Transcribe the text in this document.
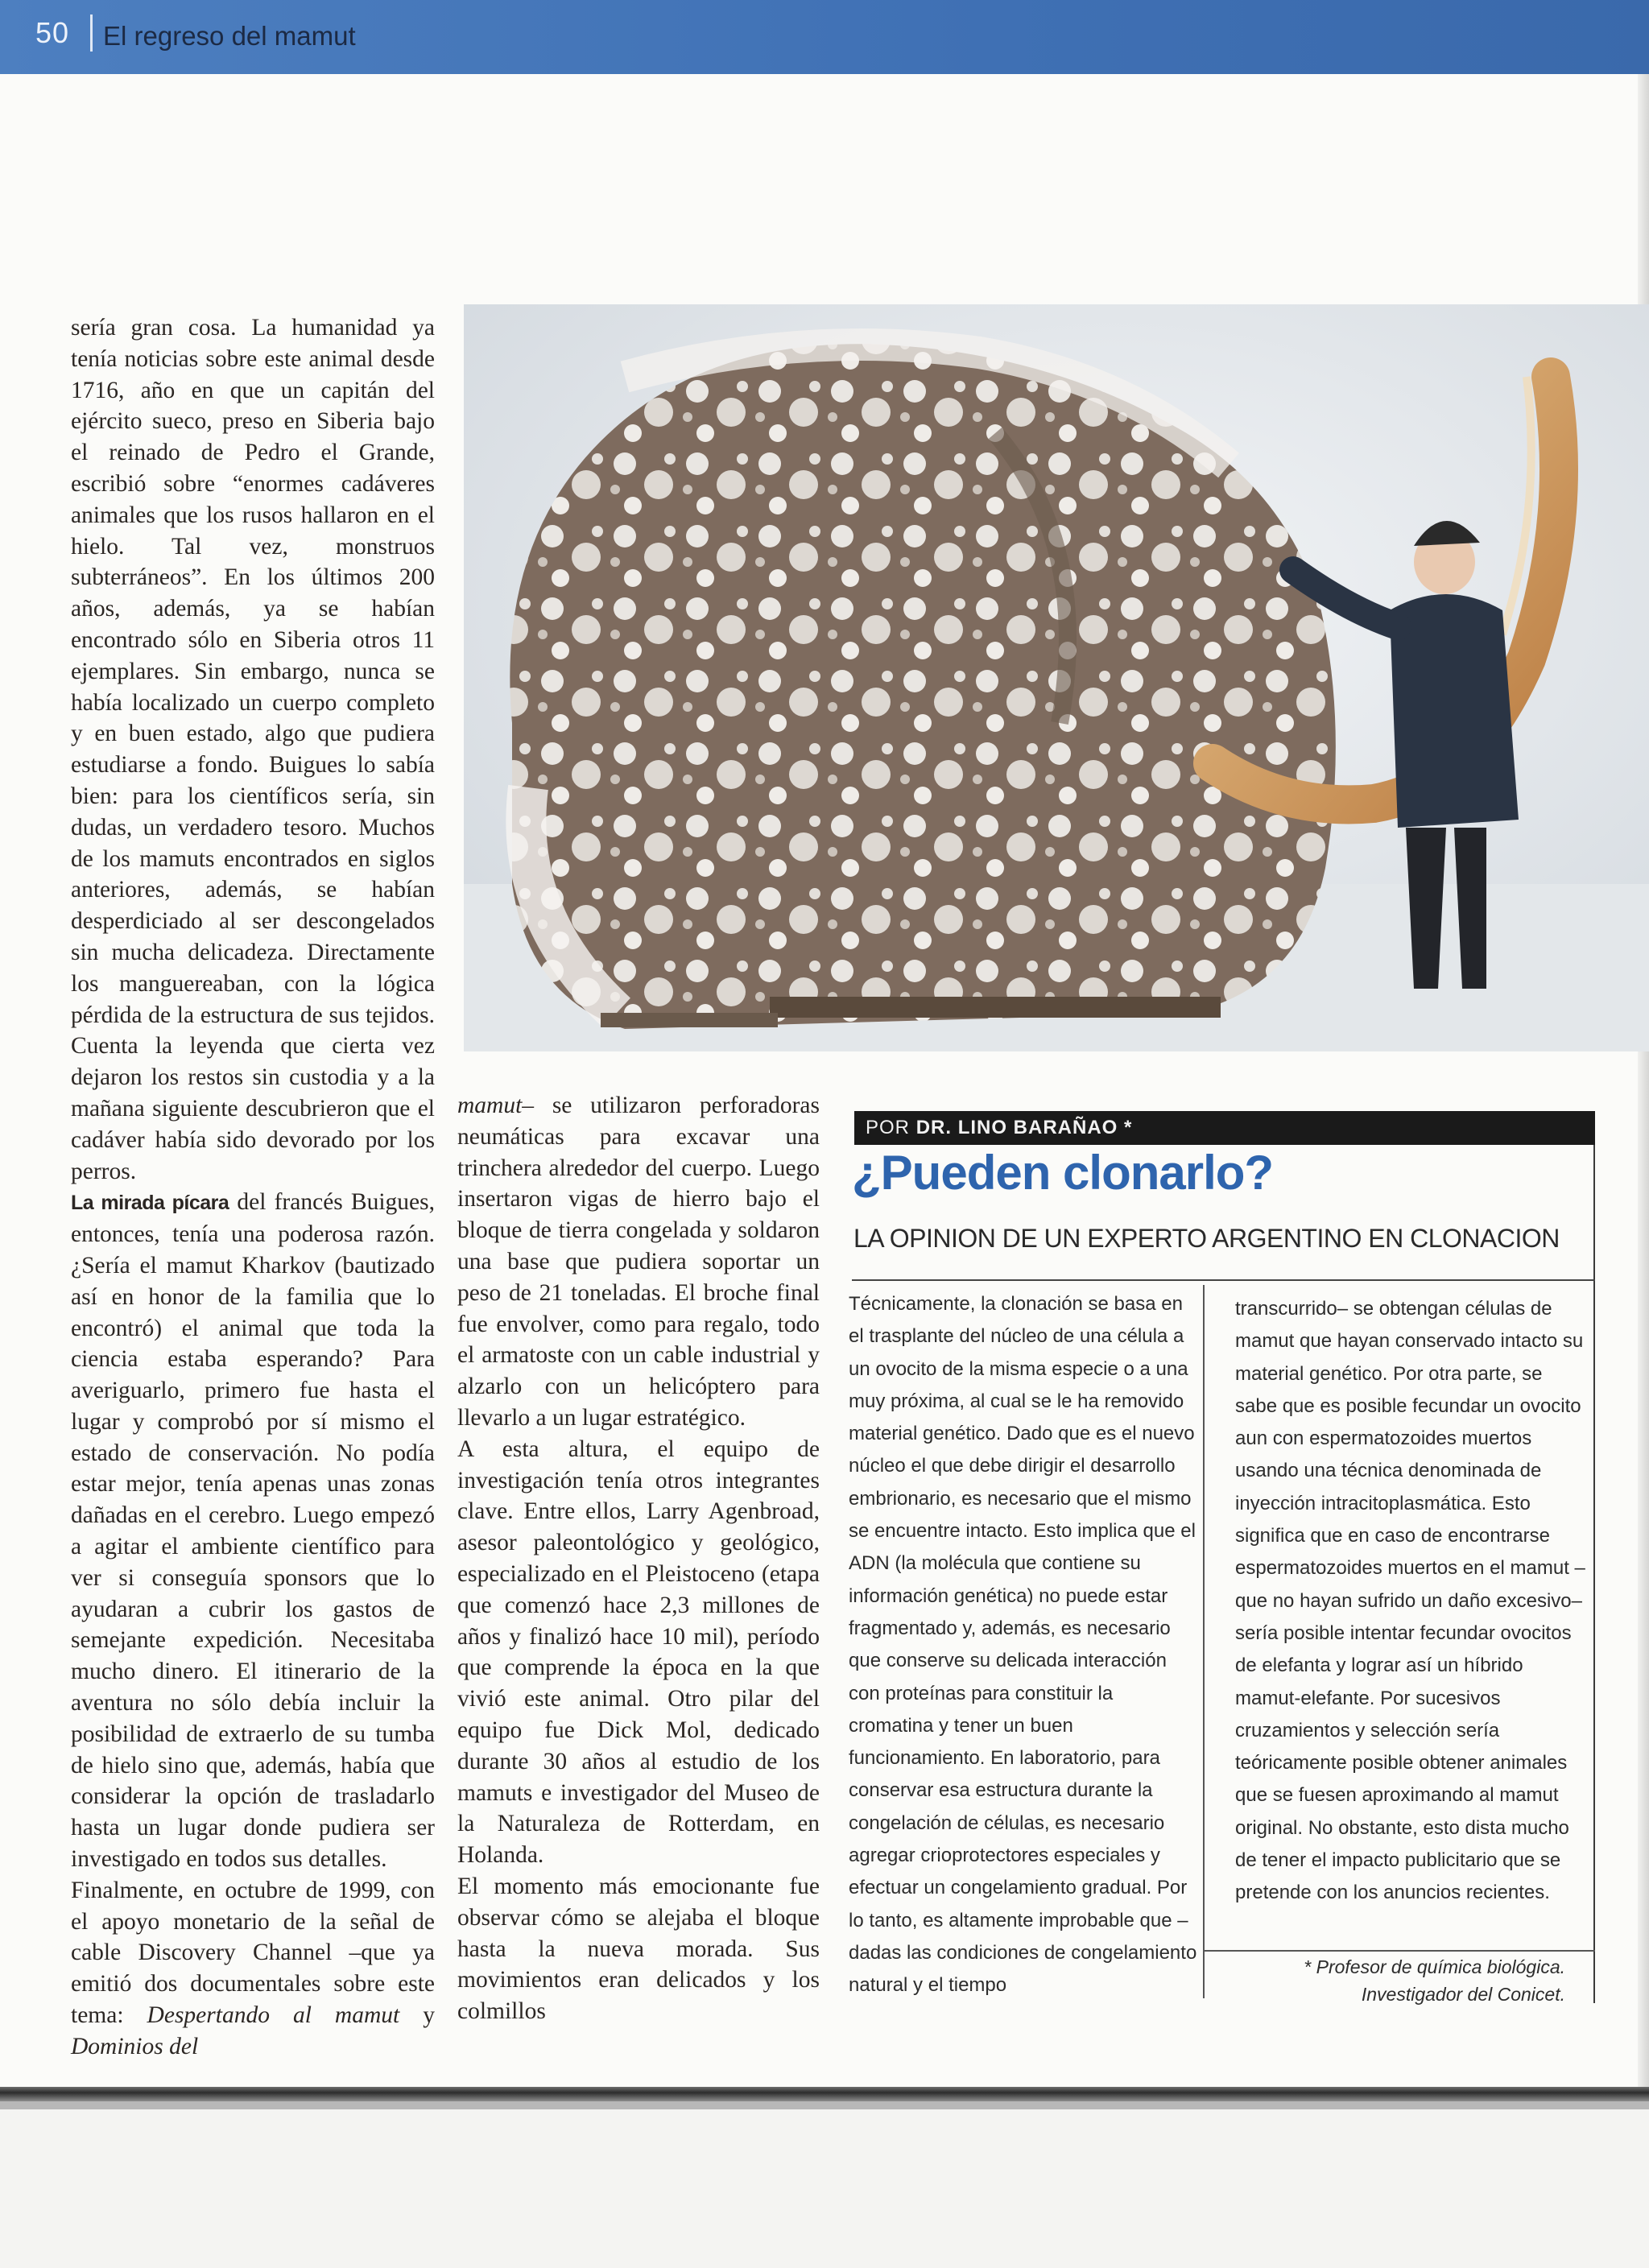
50 El regreso del mamut

sería gran cosa. La humanidad ya tenía noticias sobre este animal desde 1716, año en que un capitán del ejército sueco, preso en Siberia bajo el reinado de Pedro el Grande, escribió sobre “enormes cadáveres animales que los rusos hallaron en el hielo. Tal vez, monstruos subterráneos”. En los últimos 200 años, además, ya se habían encontrado sólo en Siberia otros 11 ejemplares. Sin embargo, nunca se había localizado un cuerpo completo y en buen estado, algo que pudiera estudiarse a fondo. Buigues lo sabía bien: para los científicos sería, sin dudas, un verdadero tesoro. Muchos de los mamuts encontrados en siglos anteriores, además, se habían desperdiciado al ser descongelados sin mucha delicadeza. Directamente los manguereaban, con la lógica pérdida de la estructura de sus tejidos. Cuenta la leyenda que cierta vez dejaron los restos sin custodia y a la mañana siguiente descubrieron que el cadáver había sido devorado por los perros.

La mirada pícara del francés Buigues, entonces, tenía una poderosa razón. ¿Sería el mamut Kharkov (bautizado así en honor de la familia que lo encontró) el animal que toda la ciencia estaba esperando? Para averiguarlo, primero fue hasta el lugar y comprobó por sí mismo el estado de conservación. No podía estar mejor, tenía apenas unas zonas dañadas en el cerebro. Luego empezó a agitar el ambiente científico para ver si conseguía sponsors que lo ayudaran a cubrir los gastos de semejante expedición. Necesitaba mucho dinero. El itinerario de la aventura no sólo debía incluir la posibilidad de extraerlo de su tumba de hielo sino que, además, había que considerar la opción de trasladarlo hasta un lugar donde pudiera ser investigado en todos sus detalles.

Finalmente, en octubre de 1999, con el apoyo monetario de la señal de cable Discovery Channel –que ya emitió dos documentales sobre este tema: Despertando al mamut y Dominios del

mamut– se utilizaron perforadoras neumáticas para excavar una trinchera alrededor del cuerpo. Luego insertaron vigas de hierro bajo el bloque de tierra congelada y soldaron una base que pudiera soportar un peso de 21 toneladas. El broche final fue envolver, como para regalo, todo el armatoste con un cable industrial y alzarlo con un helicóptero para llevarlo a un lugar estratégico.

A esta altura, el equipo de investigación tenía otros integrantes clave. Entre ellos, Larry Agenbroad, asesor paleontológico y geológico, especializado en el Pleistoceno (etapa que comenzó hace 2,3 millones de años y finalizó hace 10 mil), período que comprende la época en la que vivió este animal. Otro pilar del equipo fue Dick Mol, dedicado durante 30 años al estudio de los mamuts e investigador del Museo de la Naturaleza de Rotterdam, en Holanda.

El momento más emocionante fue observar cómo se alejaba el bloque hasta la nueva morada. Sus movimientos eran delicados y los colmillos

POR DR. LINO BARAÑAO *
¿Pueden clonarlo?
LA OPINION DE UN EXPERTO ARGENTINO EN CLONACION
Técnicamente, la clonación se basa en el trasplante del núcleo de una célula a un ovocito de la misma especie o a una muy próxima, al cual se le ha removido material genético. Dado que es el nuevo núcleo el que debe dirigir el desarrollo embrionario, es necesario que el mismo se encuentre intacto. Esto implica que el ADN (la molécula que contiene su información genética) no puede estar fragmentado y, además, es necesario que conserve su delicada interacción con proteínas para constituir la cromatina y tener un buen funcionamiento. En laboratorio, para conservar esa estructura durante la congelación de células, es necesario agregar crioprotectores especiales y efectuar un congelamiento gradual. Por lo tanto, es altamente improbable que –dadas las condiciones de congelamiento natural y el tiempo
transcurrido– se obtengan células de mamut que hayan conservado intacto su material genético. Por otra parte, se sabe que es posible fecundar un ovocito aun con espermatozoides muertos usando una técnica denominada de inyección intracitoplasmática. Esto significa que en caso de encontrarse espermatozoides muertos en el mamut –que no hayan sufrido un daño excesivo– sería posible intentar fecundar ovocitos de elefanta y lograr así un híbrido mamut-elefante. Por sucesivos cruzamientos y selección sería teóricamente posible obtener animales que se fuesen aproximando al mamut original. No obstante, esto dista mucho de tener el impacto publicitario que se pretende con los anuncios recientes.
* Profesor de química biológica.
Investigador del Conicet.
